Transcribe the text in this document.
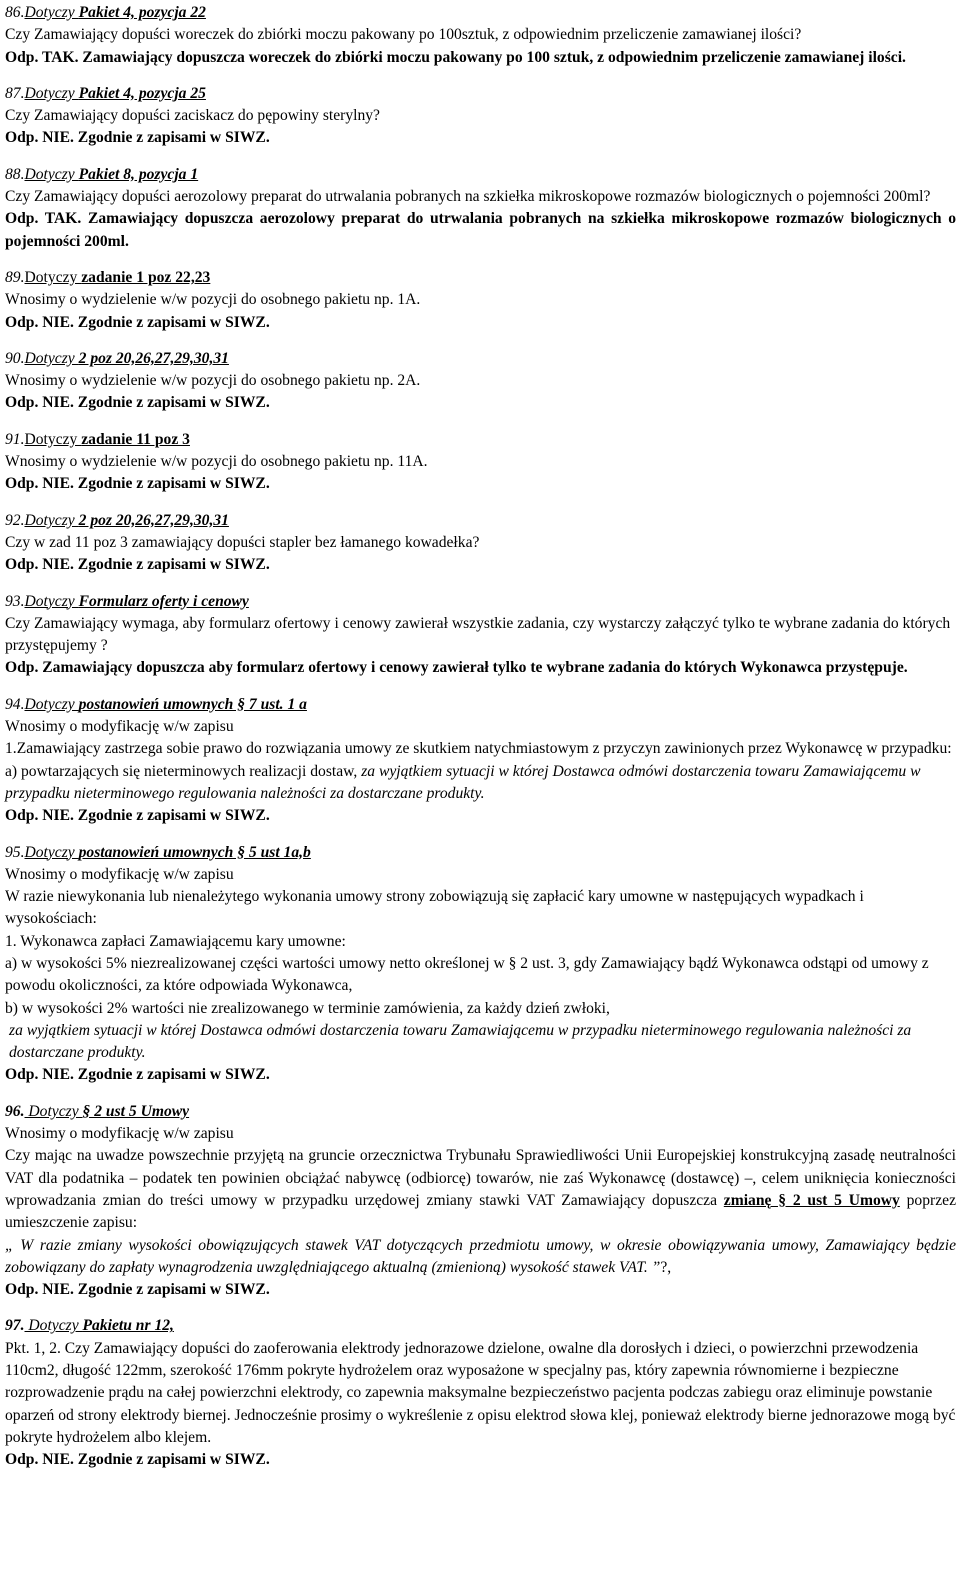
86.Dotyczy Pakiet 4, pozycja 22

Czy Zamawiający dopuści woreczek do zbiórki moczu pakowany po 100sztuk, z odpowiednim przeliczenie zamawianej ilości?

Odp. TAK. Zamawiający dopuszcza woreczek do zbiórki moczu pakowany po 100 sztuk, z odpowiednim przeliczenie zamawianej ilości.

87.Dotyczy Pakiet 4, pozycja 25

Czy Zamawiający dopuści zaciskacz do pępowiny sterylny?

Odp. NIE. Zgodnie z zapisami w SIWZ.

88.Dotyczy Pakiet 8, pozycja 1

Czy Zamawiający dopuści aerozolowy preparat do utrwalania pobranych na szkiełka mikroskopowe rozmazów biologicznych o pojemności 200ml?

Odp. TAK. Zamawiający dopuszcza aerozolowy preparat do utrwalania pobranych na szkiełka mikroskopowe rozmazów biologicznych o pojemności 200ml.

89.Dotyczy zadanie 1 poz 22,23

Wnosimy o wydzielenie w/w pozycji do osobnego pakietu np. 1A.

Odp. NIE. Zgodnie z zapisami w SIWZ.

90.Dotyczy 2 poz 20,26,27,29,30,31

Wnosimy o wydzielenie w/w pozycji do osobnego pakietu np. 2A.

Odp. NIE. Zgodnie z zapisami w SIWZ.

91.Dotyczy zadanie 11 poz 3

Wnosimy o wydzielenie w/w pozycji do osobnego pakietu np. 11A.

Odp. NIE. Zgodnie z zapisami w SIWZ.

92.Dotyczy 2 poz 20,26,27,29,30,31

Czy w zad 11 poz 3 zamawiający dopuści stapler bez łamanego kowadełka?

Odp. NIE. Zgodnie z zapisami w SIWZ.

93.Dotyczy Formularz oferty i cenowy

Czy Zamawiający wymaga, aby formularz ofertowy i cenowy zawierał wszystkie zadania, czy wystarczy załączyć tylko te wybrane zadania do których przystępujemy ?

Odp. Zamawiający dopuszcza aby formularz ofertowy i cenowy zawierał tylko te wybrane zadania do których Wykonawca przystępuje.

94.Dotyczy postanowień umownych § 7 ust. 1 a

Wnosimy o modyfikację w/w zapisu

1.Zamawiający zastrzega sobie prawo do rozwiązania umowy ze skutkiem natychmiastowym z przyczyn zawinionych przez Wykonawcę w przypadku:

a) powtarzających się nieterminowych realizacji dostaw, za wyjątkiem sytuacji w której Dostawca odmówi dostarczenia towaru Zamawiającemu w przypadku nieterminowego regulowania należności za dostarczane produkty.

Odp. NIE. Zgodnie z zapisami w SIWZ.

95.Dotyczy postanowień umownych § 5 ust 1a,b

Wnosimy o modyfikację w/w zapisu

W razie niewykonania lub nienależytego wykonania umowy strony zobowiązują się zapłacić kary umowne w następujących wypadkach i wysokościach:

1. Wykonawca zapłaci Zamawiającemu kary umowne:

a) w wysokości 5% niezrealizowanej części wartości umowy netto określonej w § 2 ust. 3, gdy Zamawiający bądź Wykonawca odstąpi od umowy z powodu okoliczności, za które odpowiada Wykonawca,

b) w wysokości 2% wartości nie zrealizowanego w terminie zamówienia, za każdy dzień zwłoki,

za wyjątkiem sytuacji w której Dostawca odmówi dostarczenia towaru Zamawiającemu w przypadku nieterminowego regulowania należności za dostarczane produkty.

Odp. NIE. Zgodnie z zapisami w SIWZ.

96. Dotyczy § 2 ust 5 Umowy

Wnosimy o modyfikację w/w zapisu

Czy mając na uwadze powszechnie przyjętą na gruncie orzecznictwa Trybunału Sprawiedliwości Unii Europejskiej konstrukcyjną zasadę neutralności VAT dla podatnika – podatek ten powinien obciążać nabywcę (odbiorcę) towarów, nie zaś Wykonawcę (dostawcę) –, celem uniknięcia konieczności wprowadzania zmian do treści umowy w przypadku urzędowej zmiany stawki VAT Zamawiający dopuszcza zmianę § 2 ust 5 Umowy poprzez umieszczenie zapisu:

„ W razie zmiany wysokości obowiązujących stawek VAT dotyczących przedmiotu umowy, w okresie obowiązywania umowy, Zamawiający będzie zobowiązany do zapłaty wynagrodzenia uwzględniającego aktualną (zmienioną) wysokość stawek VAT. ”?,

Odp. NIE. Zgodnie z zapisami w SIWZ.

97. Dotyczy Pakietu nr 12,

Pkt. 1, 2. Czy Zamawiający dopuści do zaoferowania elektrody jednorazowe dzielone, owalne dla dorosłych i dzieci, o powierzchni przewodzenia 110cm2, długość 122mm, szerokość 176mm pokryte hydrożelem oraz wyposażone w specjalny pas, który zapewnia równomierne i bezpieczne rozprowadzenie prądu na całej powierzchni elektrody, co zapewnia maksymalne bezpieczeństwo pacjenta podczas zabiegu oraz eliminuje powstanie oparzeń od strony elektrody biernej. Jednocześnie prosimy o wykreślenie z opisu elektrod słowa klej, ponieważ elektrody bierne jednorazowe mogą być pokryte hydrożelem albo klejem.

Odp. NIE. Zgodnie z zapisami w SIWZ.
